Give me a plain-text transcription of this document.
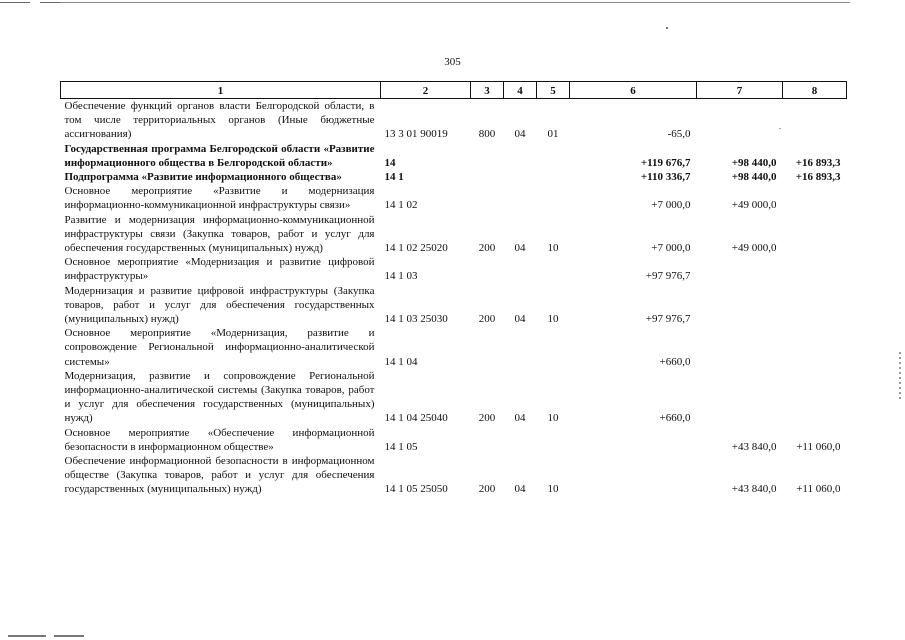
305
1	2	3	4	5	6	7	8
Обеспечение функций органов власти Белгородской области, в том числе территориальных органов (Иные бюджетные ассигнования)	13 3 01 90019	800	04	01	-65,0		
Государственная программа Белгородской области «Развитие информационного общества в Белгородской области»	14				+119 676,7	+98 440,0	+16 893,3
Подпрограмма «Развитие информационного общества»	14 1				+110 336,7	+98 440,0	+16 893,3
Основное мероприятие «Развитие и модернизация информационно-коммуникационной инфраструктуры связи»	14 1 02				+7 000,0	+49 000,0	
Развитие и модернизация информационно-коммуникационной инфраструктуры связи (Закупка товаров, работ и услуг для обеспечения государственных (муниципальных) нужд)	14 1 02 25020	200	04	10	+7 000,0	+49 000,0	
Основное мероприятие «Модернизация и развитие цифровой инфраструктуры»	14 1 03				+97 976,7		
Модернизация и развитие цифровой инфраструктуры (Закупка товаров, работ и услуг для обеспечения государственных (муниципальных) нужд)	14 1 03 25030	200	04	10	+97 976,7		
Основное мероприятие «Модернизация, развитие и сопровождение Региональной информационно-аналитической системы»	14 1 04				+660,0		
Модернизация, развитие и сопровождение Региональной информационно-аналитической системы (Закупка товаров, работ и услуг для обеспечения государственных (муниципальных) нужд)	14 1 04 25040	200	04	10	+660,0		
Основное мероприятие «Обеспечение информационной безопасности в информационном обществе»	14 1 05					+43 840,0	+11 060,0
Обеспечение информационной безопасности в информационном обществе (Закупка товаров, работ и услуг для обеспечения государственных (муниципальных) нужд)	14 1 05 25050	200	04	10		+43 840,0	+11 060,0
